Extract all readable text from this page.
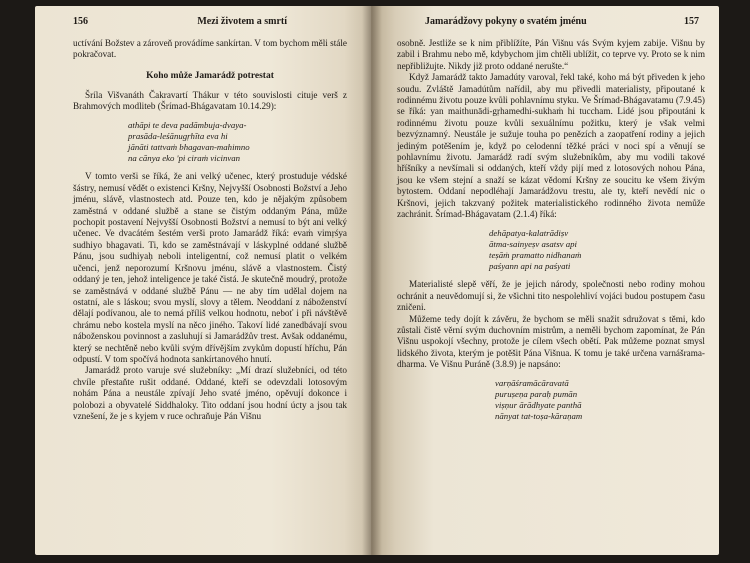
156	Mezi životem a smrtí

uctívání Božstev a zároveň provádíme sankírtan. V tom bychom měli stále pokračovat.

Koho může Jamarádž potrestat

Šríla Višvanáth Čakravartí Thákur v této souvislosti cituje verš z Brahmových modliteb (Šrímad-Bhágavatam 10.14.29):

athāpi te deva padāmbuja-dvaya-
prasāda-leśānugṛhīta eva hi
jānāti tattvaṁ bhagavan-mahimno
na cānya eko 'pi ciraṁ vicinvan

V tomto verši se říká, že ani velký učenec, který prostuduje védské šástry, nemusí vědět o existenci Kršny, Nejvyšší Osobnosti Božství a Jeho jménu, slávě, vlastnostech atd. Pouze ten, kdo je nějakým způsobem zaměstná v oddané službě a stane se čistým oddaným Pána, může pochopit postavení Nejvyšší Osobnosti Božství a nemusí to být ani velký učenec. Ve dvacátém šestém verši proto Jamarádž říká: evaṁ vimṛśya sudhiyo bhagavati. Ti, kdo se zaměstnávají v láskyplné oddané službě Pánu, jsou sudhiyaḥ neboli inteligentní, což nemusí platit o velkém učenci, jenž neporozumí Kršnovu jménu, slávě a vlastnostem. Čistý oddaný je ten, jehož inteligence je také čistá. Je skutečně moudrý, protože se zaměstnává v oddané službě Pánu — ne aby tím udělal dojem na ostatní, ale s láskou; svou myslí, slovy a tělem. Neoddaní z náboženství dělají podívanou, ale to nemá příliš velkou hodnotu, neboť i při návštěvě chrámu nebo kostela myslí na něco jiného. Takoví lidé zanedbávají svou náboženskou povinnost a zasluhují si Jamarádžův trest. Avšak oddanému, který se nechtěně nebo kvůli svým dřívějším zvykům dopustí hříchu, Pán odpustí. V tom spočívá hodnota sankírtanového hnutí.

Jamarádž proto varuje své služebníky: „Mí drazí služebníci, od této chvíle přestaňte rušit oddané. Oddané, kteří se odevzdali lotosovým nohám Pána a neustále zpívají Jeho svaté jméno, opěvují dokonce i polobozi a obyvatelé Siddhaloky. Tito oddaní jsou hodní úcty a jsou tak vznešení, že je s kyjem v ruce ochraňuje Pán Višnu

Jamarádžovy pokyny o svatém jménu	157

osobně. Jestliže se k nim přiblížíte, Pán Višnu vás Svým kyjem zabije. Višnu by zabil i Brahmu nebo mě, kdybychom jim chtěli ublížit, co teprve vy. Proto se k nim nepřibližujte. Nikdy již proto oddané nerušte.“

Když Jamarádž takto Jamadúty varoval, řekl také, koho má být přiveden k jeho soudu. Zvláště Jamadútům nařídil, aby mu přivedli materialisty, připoutané k rodinnému životu pouze kvůli pohlavnímu styku. Ve Šrímad-Bhágavatamu (7.9.45) se říká: yan maithunādi-gṛhamedhi-sukhaṁ hi tuccham. Lidé jsou připoutáni k rodinnému životu pouze kvůli sexuálnímu požitku, který je však velmi bezvýznamný. Neustále je sužuje touha po penězích a zaopatření rodiny a jejich jediným potěšením je, když po celodenní těžké práci v noci spí a věnují se pohlavnímu životu. Jamarádž radí svým služebníkům, aby mu vodili takové hříšníky a nevšímali si oddaných, kteří vždy pijí med z lotosových nohou Pána, jsou ke všem stejní a snaží se kázat vědomí Kršny ze soucitu ke všem živým bytostem. Oddaní nepodléhají Jamarádžovu trestu, ale ty, kteří nevědí nic o Kršnovi, jejich takzvaný požitek materialistického rodinného života nemůže zachránit. Šrímad-Bhágavatam (2.1.4) říká:

dehāpatya-kalatrādiṣv
ātma-sainyeṣv asatsv api
teṣāṁ pramatto nidhanaṁ
paśyann api na paśyati

Materialisté slepě věří, že je jejich národy, společnosti nebo rodiny mohou ochránit a neuvědomují si, že všichni tito nespolehliví vojáci budou postupem času zničeni.

Můžeme tedy dojít k závěru, že bychom se měli snažit sdružovat s těmi, kdo zůstali čistě věrní svým duchovním mistrům, a neměli bychom zapomínat, že Pán Višnu uspokojí všechny, protože je cílem všech obětí. Pak můžeme poznat smysl lidského života, kterým je potěšit Pána Višnua. K tomu je také určena varnášrama-dharma. Ve Višnu Puráně (3.8.9) je napsáno:

varṇāśramācāravatā
puruṣeṇa paraḥ pumān
viṣṇur ārādhyate panthā
nānyat tat-toṣa-kāraṇam
